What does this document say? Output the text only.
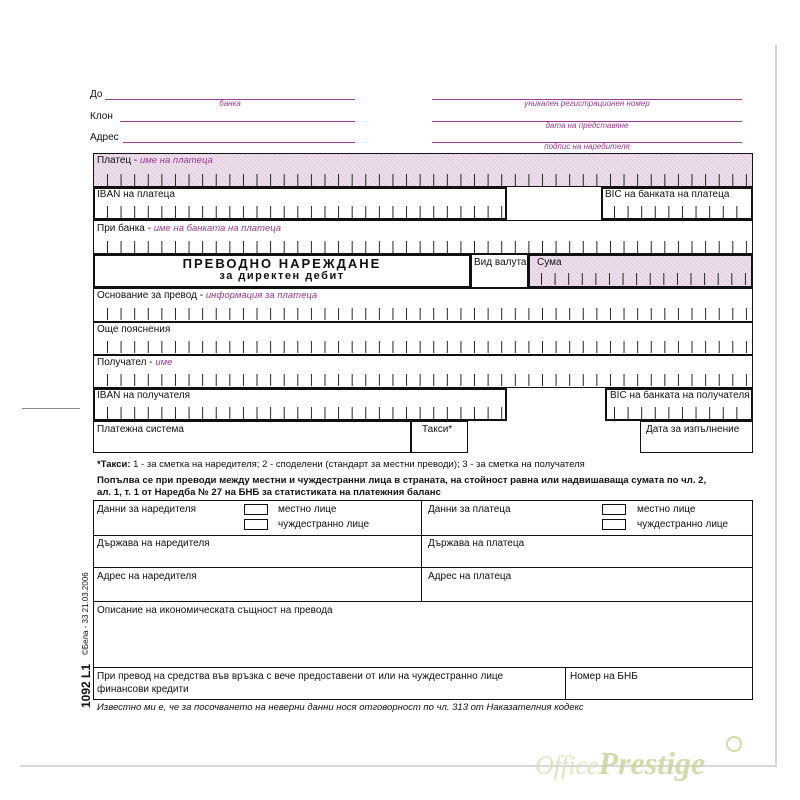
До
банка
Клон
Адрес
уникален регистрационен номер
дата на представяне
подпис на наредителя
Платец - име на платеца
IBAN на платеца	BIC на банката на платеца
При банка - име на банката на платеца
ПРЕВОДНО НАРЕЖДАНЕ
за директен дебит
Вид валута Сума
Основание за превод - информация за платеца
Още пояснения
Получател - име
IBAN на получателя	BIC на банката на получателя
Платежна система	Такси*	Дата за изпълнение
*Такси: 1 - за сметка на наредителя; 2 - споделени (стандарт за местни преводи); 3 - за сметка на получателя
Попълва се при преводи между местни и чуждестранни лица в страната, на стойност равна или надвишаваща сумата по чл. 2,
ал. 1, т. 1 от Наредба № 27 на БНБ за статистиката на платежния баланс
Данни за наредителя	местно лице
чуждестранно лице
Данни за платеца	местно лице
чуждестранно лице
Държава на наредителя	Държава на платеца
Адрес на наредителя	Адрес на платеца
Описание на икономическата същност на превода
При превод на средства във връзка с вече предоставени от или на чуждестранно лице
финансови кредити
Номер на БНБ
Известно ми е, че за посочването на неверни данни нося отговорност по чл. 313 от Наказателния кодекс
1092 L1
©Бела - 33 21.03.2006
OfficePrestige
